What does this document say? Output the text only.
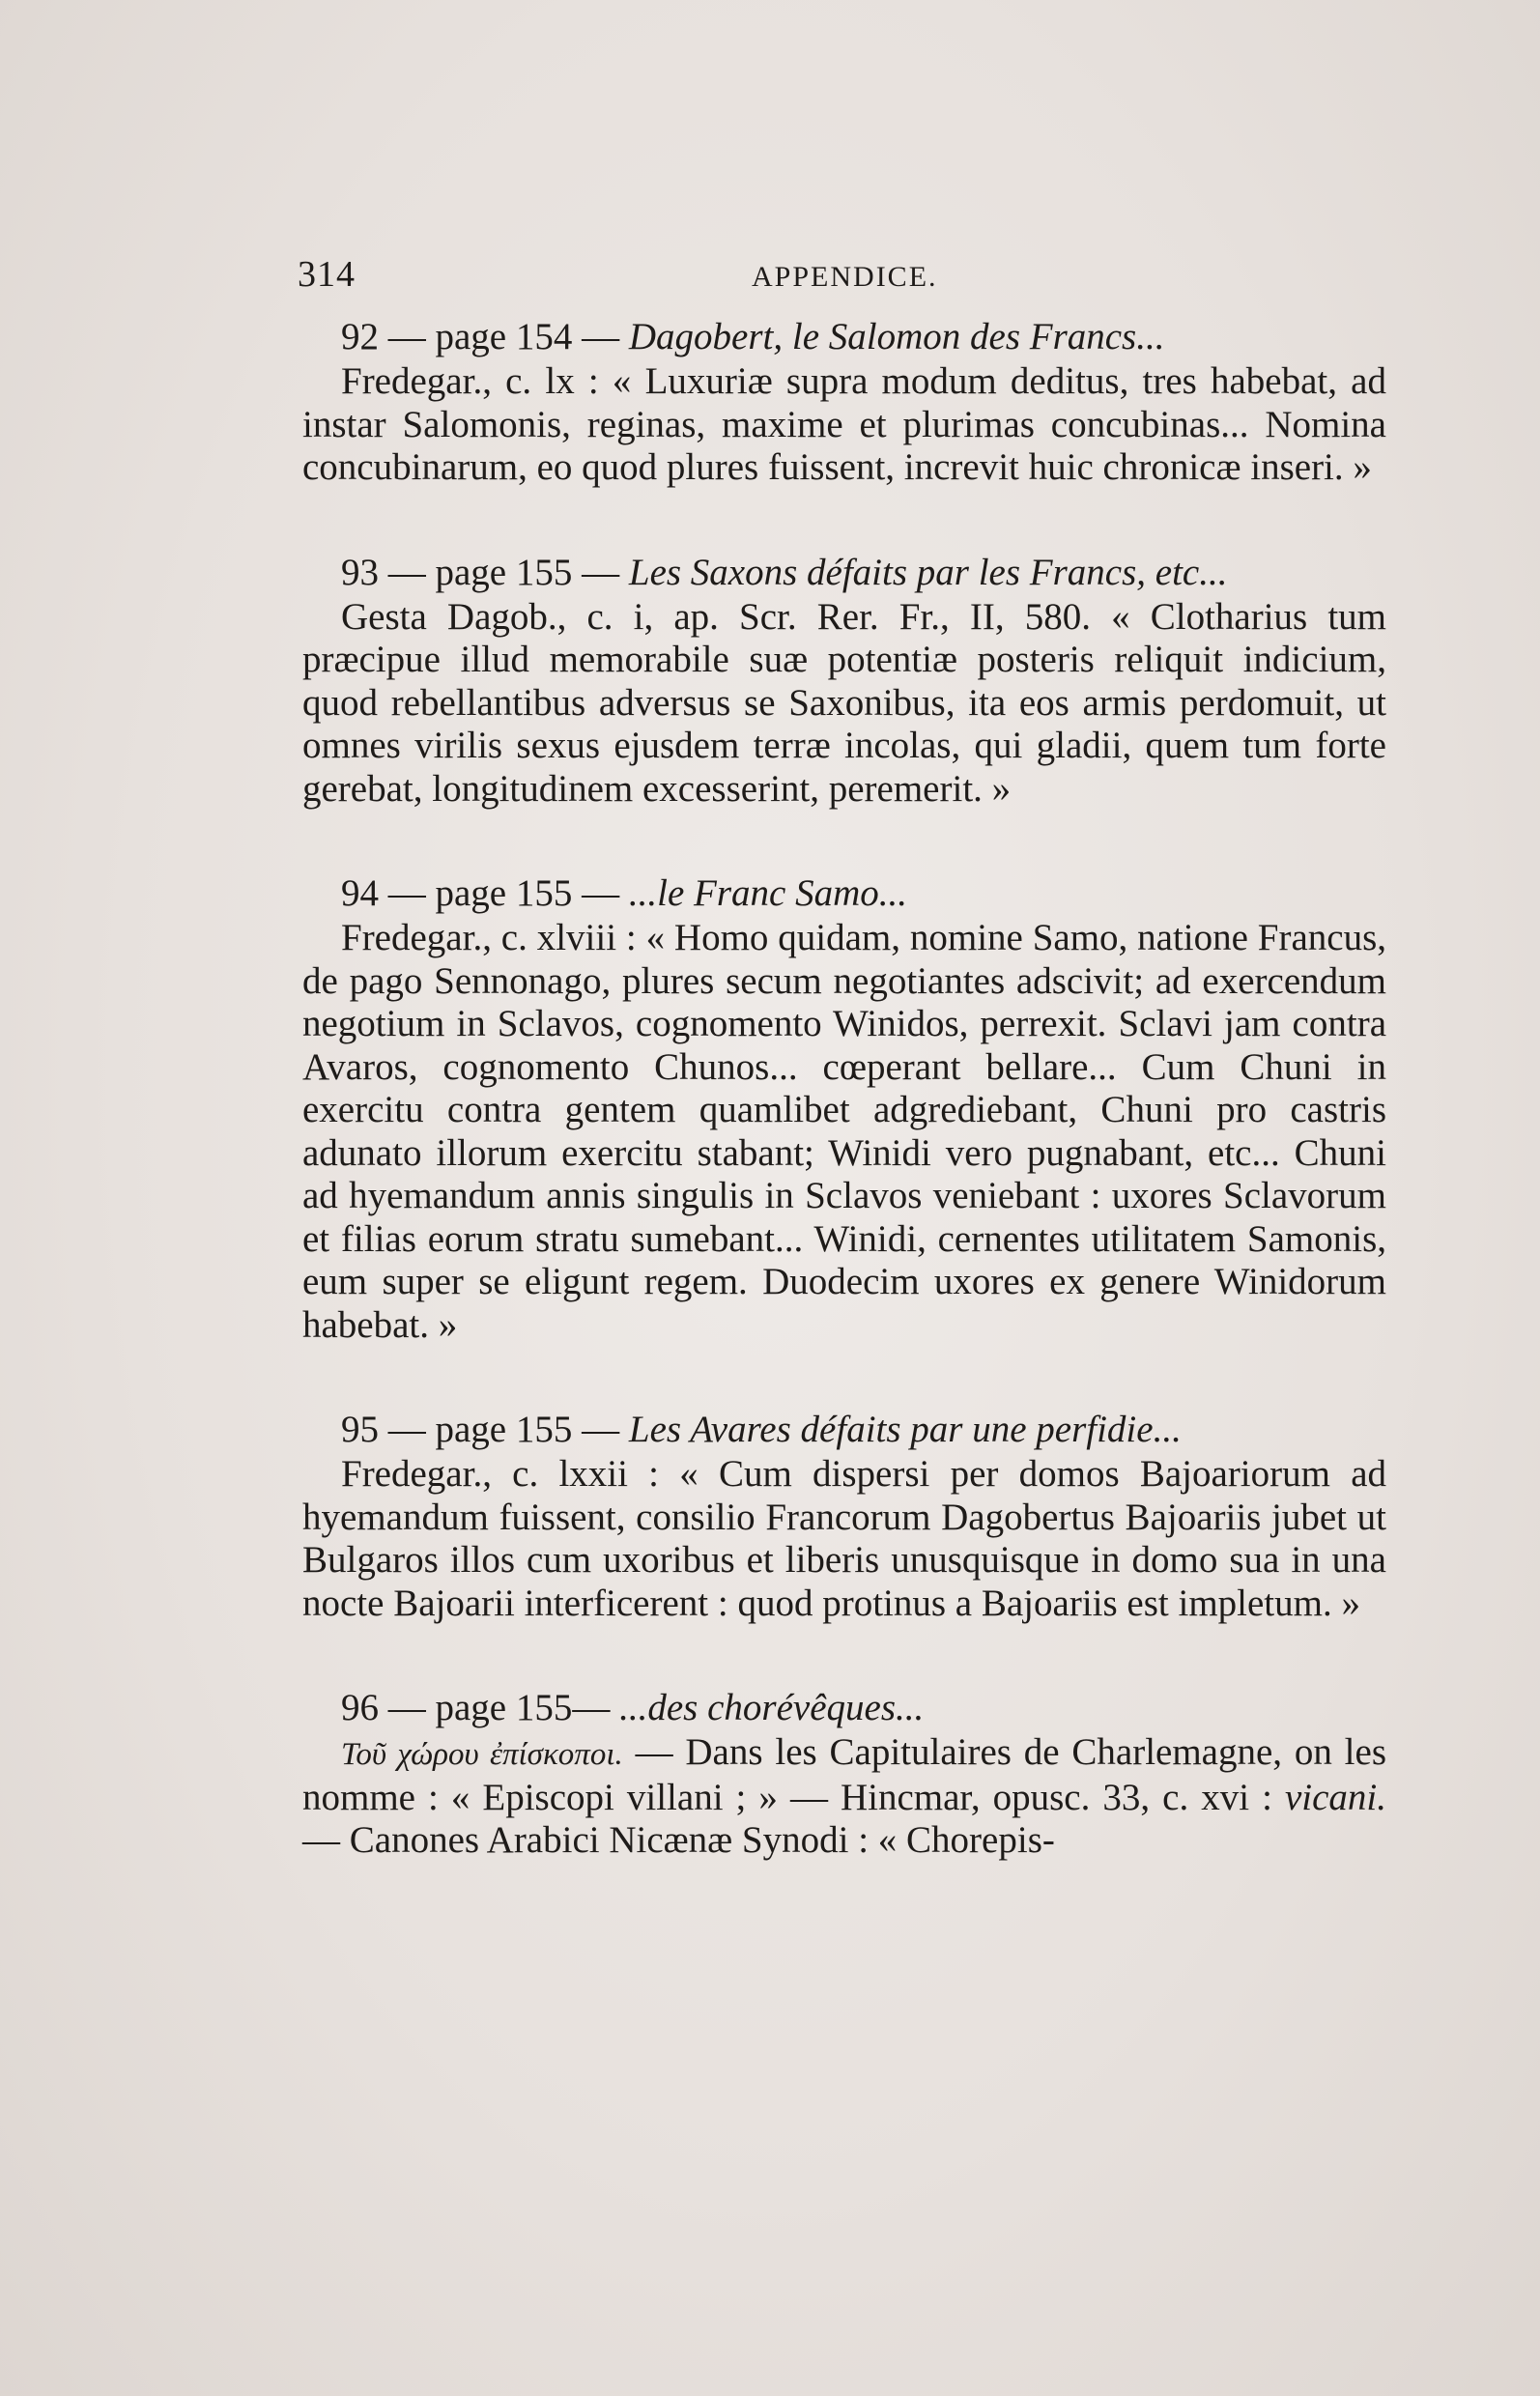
314	APPENDICE.
92 — page 154 — Dagobert, le Salomon des Francs...
Fredegar., c. lx : « Luxuriæ supra modum deditus, tres habebat, ad instar Salomonis, reginas, maxime et plurimas concubinas... Nomina concubinarum, eo quod plures fuissent, increvit huic chronicæ inseri. »
93 — page 155 — Les Saxons défaits par les Francs, etc...
Gesta Dagob., c. i, ap. Scr. Rer. Fr., II, 580. « Clotharius tum præcipue illud memorabile suæ potentiæ posteris reliquit indicium, quod rebellantibus adversus se Saxonibus, ita eos armis perdomuit, ut omnes virilis sexus ejusdem terræ incolas, qui gladii, quem tum forte gerebat, longitudinem excesserint, peremerit. »
94 — page 155 — ...le Franc Samo...
Fredegar., c. xlviii : « Homo quidam, nomine Samo, natione Francus, de pago Sennonago, plures secum negotiantes adscivit; ad exercendum negotium in Sclavos, cognomento Winidos, perrexit. Sclavi jam contra Avaros, cognomento Chunos... cœperant bellare... Cum Chuni in exercitu contra gentem quamlibet adgrediebant, Chuni pro castris adunato illorum exercitu stabant; Winidi vero pugnabant, etc... Chuni ad hyemandum annis singulis in Sclavos veniebant : uxores Sclavorum et filias eorum stratu sumebant... Winidi, cernentes utilitatem Samonis, eum super se eligunt regem. Duodecim uxores ex genere Winidorum habebat. »
95 — page 155 — Les Avares défaits par une perfidie...
Fredegar., c. lxxii : « Cum dispersi per domos Bajoariorum ad hyemandum fuissent, consilio Francorum Dagobertus Bajoariis jubet ut Bulgaros illos cum uxoribus et liberis unusquisque in domo sua in una nocte Bajoarii interficerent : quod protinus a Bajoariis est impletum. »
96 — page 155— ...des chorévêques...
Τοῦ χώρου ἐπίσκοποι. — Dans les Capitulaires de Charlemagne, on les nomme : « Episcopi villani ; » — Hincmar, opusc. 33, c. xvi : vicani. — Canones Arabici Nicænæ Synodi : « Chorepis-
